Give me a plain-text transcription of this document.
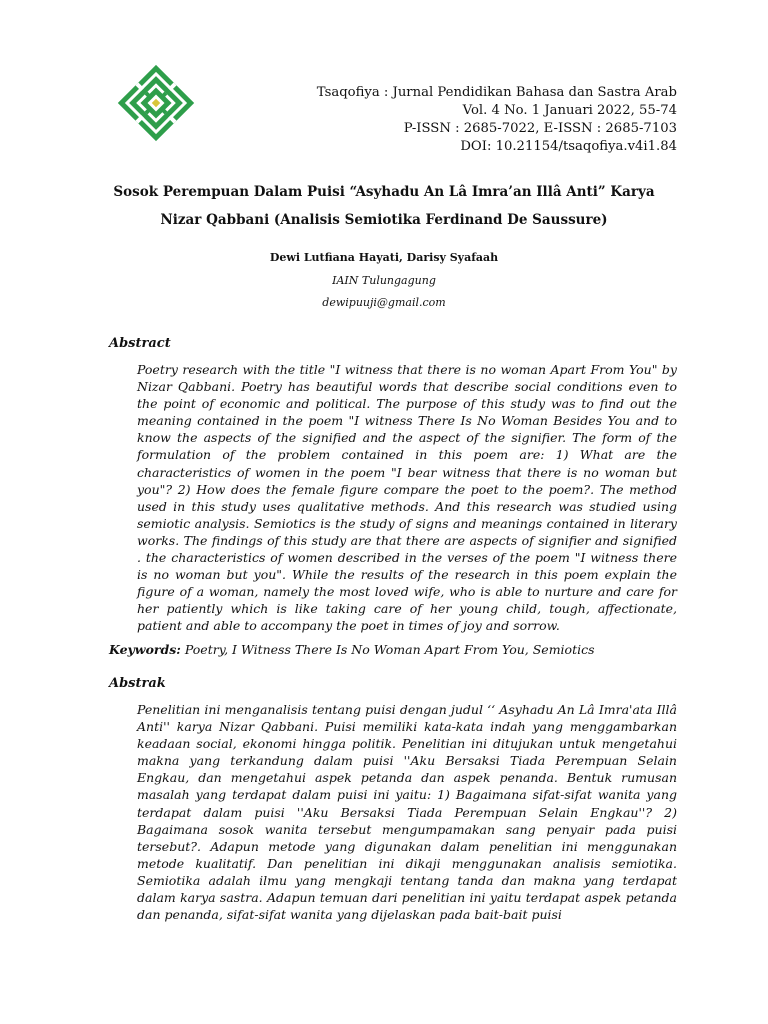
Tsaqofiya : Jurnal Pendidikan Bahasa dan Sastra Arab
Vol. 4 No. 1 Januari 2022, 55-74
P-ISSN : 2685-7022, E-ISSN : 2685-7103
DOI: 10.21154/tsaqofiya.v4i1.84
Sosok Perempuan Dalam Puisi “Asyhadu An Lâ Imra’an Illâ Anti” Karya Nizar Qabbani (Analisis Semiotika Ferdinand De Saussure)
Dewi Lutfiana Hayati, Darisy Syafaah
IAIN Tulungagung
dewipuuji@gmail.com
Abstract

Poetry research with the title "I witness that there is no woman Apart From You" by Nizar Qabbani. Poetry has beautiful words that describe social conditions even to the point of economic and political. The purpose of this study was to find out the meaning contained in the poem "I witness There Is No Woman Besides You and to know the aspects of the signified and the aspect of the signifier. The form of the formulation of the problem contained in this poem are: 1) What are the characteristics of women in the poem "I bear witness that there is no woman but you"? 2) How does the female figure compare the poet to the poem?. The method used in this study uses qualitative methods. And this research was studied using semiotic analysis. Semiotics is the study of signs and meanings contained in literary works. The findings of this study are that there are aspects of signifier and signified . the characteristics of women described in the verses of the poem "I witness there is no woman but you". While the results of the research in this poem explain the figure of a woman, namely the most loved wife, who is able to nurture and care for her patiently which is like taking care of her young child, tough, affectionate, patient and able to accompany the poet in times of joy and sorrow.

Keywords: Poetry, I Witness There Is No Woman Apart From You, Semiotics
Abstrak

Penelitian ini menganalisis tentang puisi dengan judul ‘‘ Asyhadu An Lâ Imra'ata Illâ Anti'' karya Nizar Qabbani. Puisi memiliki kata-kata indah yang menggambarkan keadaan social, ekonomi hingga politik. Penelitian ini ditujukan untuk mengetahui makna yang terkandung dalam puisi ''Aku Bersaksi Tiada Perempuan Selain Engkau, dan mengetahui aspek petanda dan aspek penanda. Bentuk rumusan masalah yang terdapat dalam puisi ini yaitu: 1) Bagaimana sifat-sifat wanita yang terdapat dalam puisi ''Aku Bersaksi Tiada Perempuan Selain Engkau''? 2) Bagaimana sosok wanita tersebut mengumpamakan sang penyair pada puisi tersebut?. Adapun metode yang digunakan dalam penelitian ini menggunakan metode kualitatif. Dan penelitian ini dikaji menggunakan analisis semiotika. Semiotika adalah ilmu yang mengkaji tentang tanda dan makna yang terdapat dalam karya sastra. Adapun temuan dari penelitian ini yaitu terdapat aspek petanda dan penanda, sifat-sifat wanita yang dijelaskan pada bait-bait puisi
